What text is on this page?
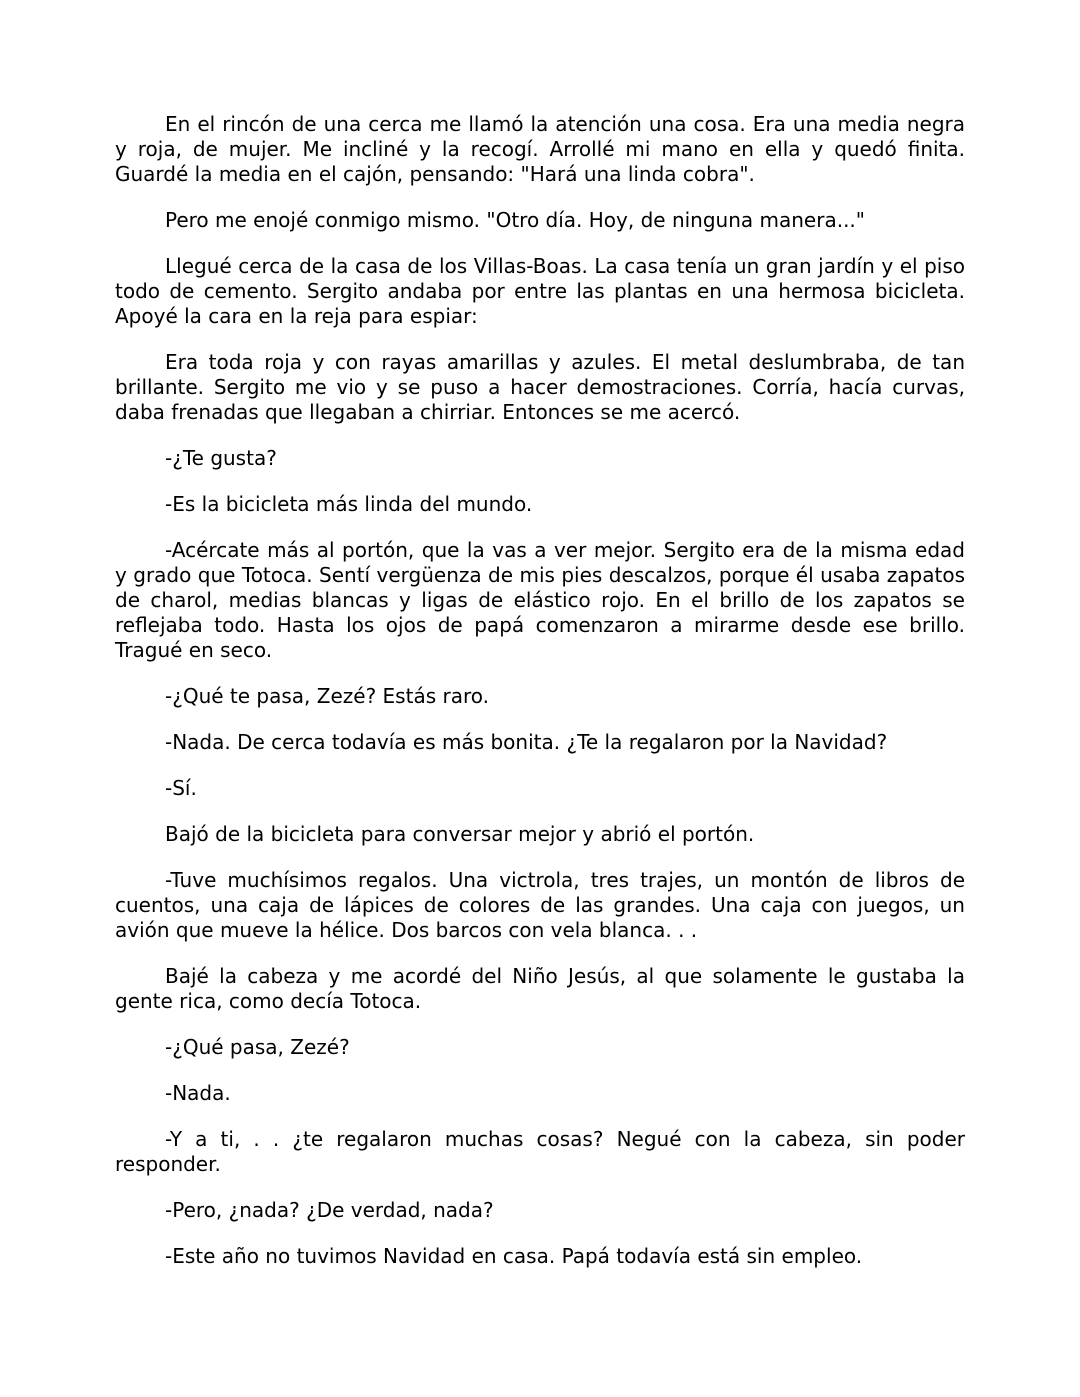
En el rincón de una cerca me llamó la atención una cosa. Era una media negra y roja, de mujer. Me incliné y la recogí. Arrollé mi mano en ella y quedó finita. Guardé la media en el cajón, pensando: "Hará una linda cobra".

Pero me enojé conmigo mismo. "Otro día. Hoy, de ninguna manera..."

Llegué cerca de la casa de los Villas-Boas. La casa tenía un gran jardín y el piso todo de cemento. Sergito andaba por entre las plantas en una hermosa bicicleta. Apoyé la cara en la reja para espiar:

Era toda roja y con rayas amarillas y azules. El metal deslumbraba, de tan brillante. Sergito me vio y se puso a hacer demostraciones. Corría, hacía curvas, daba frenadas que llegaban a chirriar. Entonces se me acercó.

-¿Te gusta?

-Es la bicicleta más linda del mundo.

-Acércate más al portón, que la vas a ver mejor. Sergito era de la misma edad y grado que Totoca. Sentí vergüenza de mis pies descalzos, porque él usaba zapatos de charol, medias blancas y ligas de elástico rojo. En el brillo de los zapatos se reflejaba todo. Hasta los ojos de papá comenzaron a mirarme desde ese brillo. Tragué en seco.

-¿Qué te pasa, Zezé? Estás raro.

-Nada. De cerca todavía es más bonita. ¿Te la regalaron por la Navidad?

-Sí.

Bajó de la bicicleta para conversar mejor y abrió el portón.

-Tuve muchísimos regalos. Una victrola, tres trajes, un montón de libros de cuentos, una caja de lápices de colores de las grandes. Una caja con juegos, un avión que mueve la hélice. Dos barcos con vela blanca. . .

Bajé la cabeza y me acordé del Niño Jesús, al que solamente le gustaba la gente rica, como decía Totoca.

-¿Qué pasa, Zezé?

-Nada.

-Y a ti, . . ¿te regalaron muchas cosas? Negué con la cabeza, sin poder responder.

-Pero, ¿nada? ¿De verdad, nada?

-Este año no tuvimos Navidad en casa. Papá todavía está sin empleo.
